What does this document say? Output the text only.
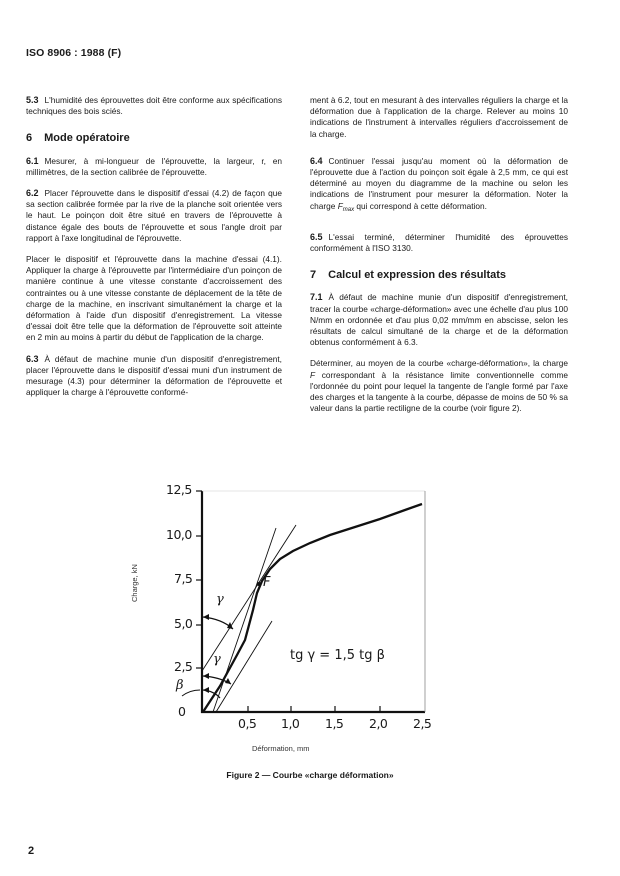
ISO 8906 : 1988 (F)

5.3 L'humidité des éprouvettes doit être conforme aux spécifications techniques des bois sciés.

6 Mode opératoire

6.1 Mesurer, à mi-longueur de l'éprouvette, la largeur, r, en millimètres, de la section calibrée de l'éprouvette.

6.2 Placer l'éprouvette dans le dispositif d'essai (4.2) de façon que sa section calibrée formée par la rive de la planche soit orientée vers le haut. Le poinçon doit être situé en travers de l'éprouvette à distance égale des bouts de l'éprouvette et sous l'angle droit par rapport à l'axe longitudinal de l'éprouvette.

Placer le dispositif et l'éprouvette dans la machine d'essai (4.1). Appliquer la charge à l'éprouvette par l'intermédiaire d'un poinçon de manière continue à une vitesse constante d'accroissement des contraintes ou à une vitesse constante de déplacement de la tête de charge de la machine, en inscrivant simultanément la charge et la déformation à l'aide d'un dispositif d'enregistrement. La vitesse d'essai doit être telle que la déformation de l'éprouvette soit atteinte en 2 min au moins à partir du début de l'application de la charge.

6.3 À défaut de machine munie d'un dispositif d'enregistrement, placer l'éprouvette dans le dispositif d'essai muni d'un instrument de mesurage (4.3) pour déterminer la déformation de l'éprouvette et appliquer la charge à l'éprouvette conformé-

ment à 6.2, tout en mesurant à des intervalles réguliers la charge et la déformation due à l'application de la charge. Relever au moins 10 indications de l'instrument à intervalles réguliers d'accroissement de la charge.

6.4 Continuer l'essai jusqu'au moment où la déformation de l'éprouvette due à l'action du poinçon soit égale à 2,5 mm, ce qui est déterminé au moyen du diagramme de la machine ou selon les indications de l'instrument pour mesurer la déformation. Noter la charge $F_{max}$ qui correspond à cette déformation.

6.5 L'essai terminé, déterminer l'humidité des éprouvettes conformément à l'ISO 3130.

7 Calcul et expression des résultats

7.1 À défaut de machine munie d'un dispositif d'enregistrement, tracer la courbe «charge-déformation» avec une échelle d'au plus 100 N/mm en ordonnée et d'au plus 0,02 mm/mm en abscisse, selon les résultats de calcul simultané de la charge et de la déformation obtenus conformément à 6.3.

Déterminer, au moyen de la courbe «charge-déformation», la charge F correspondant à la résistance limite conventionnelle comme l'ordonnée du point pour lequel la tangente de l'angle formé par l'axe des charges et la tangente à la courbe, dépasse de moins de 50 % sa valeur dans la partie rectiligne de la courbe (voir figure 2).

12,5
10,0
7,5
5,0
2,5
0
0,5 1,0 1,5 2,0 2,5
Charge, kN
Déformation, mm
F
γ
γ
β
tg γ = 1,5 tg β
Figure 2 — Courbe «charge déformation»
2
